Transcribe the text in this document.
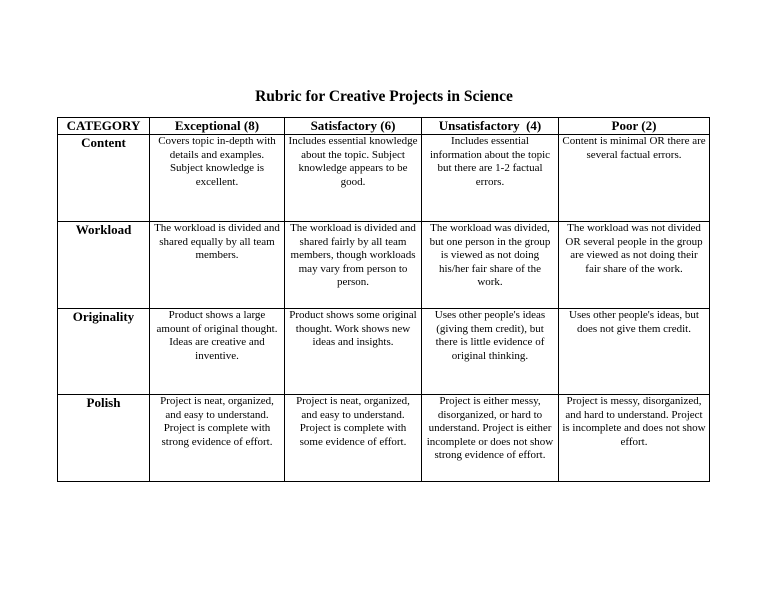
Rubric for Creative Projects in Science
CATEGORY	Exceptional (8)	Satisfactory (6)	Unsatisfactory  (4)	Poor (2)
Content	Covers topic in-depth with details and examples. Subject knowledge is excellent.	Includes essential knowledge about the topic. Subject knowledge appears to be good.	Includes essential information about the topic but there are 1-2 factual errors.	Content is minimal OR there are several factual errors.
Workload	The workload is divided and shared equally by all team members.	The workload is divided and shared fairly by all team members, though workloads may vary from person to person.	The workload was divided, but one person in the group is viewed as not doing his/her fair share of the work.	The workload was not divided OR several people in the group are viewed as not doing their fair share of the work.
Originality	Product shows a large amount of original thought. Ideas are creative and inventive.	Product shows some original thought. Work shows new ideas and insights.	Uses other people's ideas (giving them credit), but there is little evidence of original thinking.	Uses other people's ideas, but does not give them credit.
Polish	Project is neat, organized, and easy to understand. Project is complete with strong evidence of effort.	Project is neat, organized, and easy to understand. Project is complete with some evidence of effort.	Project is either messy, disorganized, or hard to understand. Project is either incomplete or does not show strong evidence of effort.	Project is messy, disorganized, and hard to understand. Project is incomplete and does not show effort.
